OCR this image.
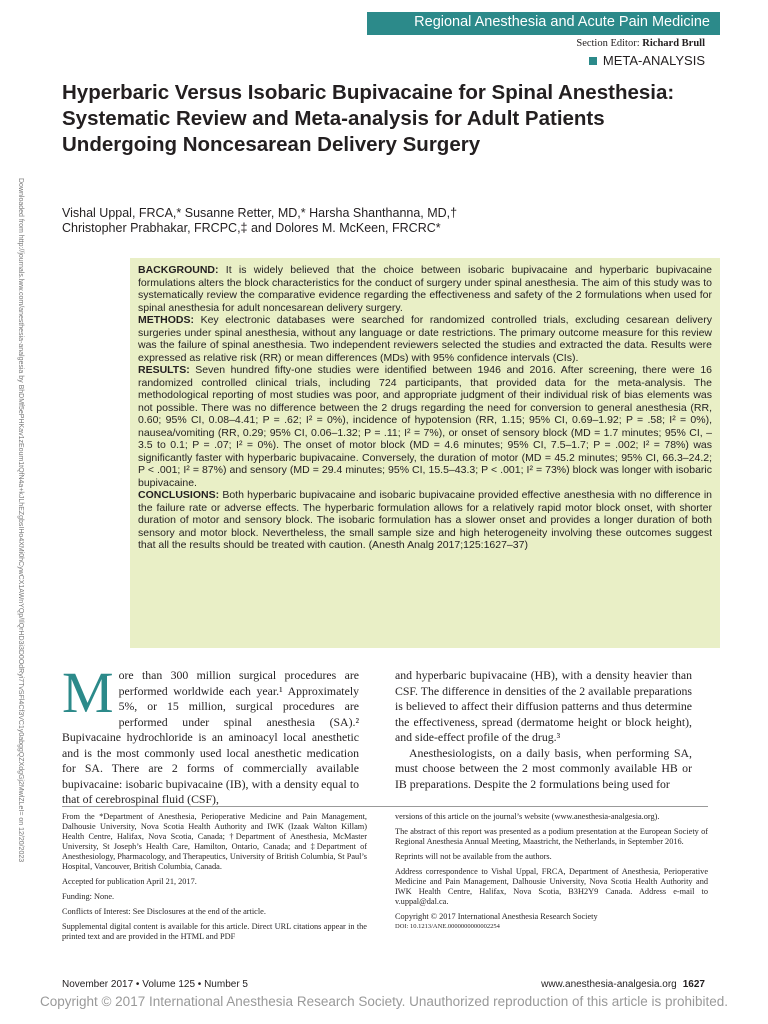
Regional Anesthesia and Acute Pain Medicine
Section Editor: Richard Brull
META-ANALYSIS
Hyperbaric Versus Isobaric Bupivacaine for Spinal Anesthesia: Systematic Review and Meta-analysis for Adult Patients Undergoing Noncesarean Delivery Surgery
Vishal Uppal, FRCA,* Susanne Retter, MD,* Harsha Shanthanna, MD,†
Christopher Prabhakar, FRCPC,‡ and Dolores M. McKeen, FRCRC*
Downloaded from http://journals.lww.com/anesthesia-analgesia by BhDMf5ePHKav1zEoum1tQfN4a+kJLhEZgbsIHo4XMi0hCywCX1AWnYQp/IlQrHD3i3D0OdRyi7TvSFl4Cf3VC1y0abggQZXdgGj2MwlZLeI= on 12/20/2023	BACKGROUND: It is widely believed that the choice between isobaric bupivacaine and hyperbaric bupivacaine formulations alters the block characteristics for the conduct of surgery under spinal anesthesia. The aim of this study was to systematically review the comparative evidence regarding the effectiveness and safety of the 2 formulations when used for spinal anesthesia for adult noncesarean delivery surgery.

METHODS: Key electronic databases were searched for randomized controlled trials, excluding cesarean delivery surgeries under spinal anesthesia, without any language or date restrictions. The primary outcome measure for this review was the failure of spinal anesthesia. Two independent reviewers selected the studies and extracted the data. Results were expressed as relative risk (RR) or mean differences (MDs) with 95% confidence intervals (CIs).

RESULTS: Seven hundred fifty-one studies were identified between 1946 and 2016. After screening, there were 16 randomized controlled clinical trials, including 724 participants, that provided data for the meta-analysis. The methodological reporting of most studies was poor, and appropriate judgment of their individual risk of bias elements was not possible. There was no difference between the 2 drugs regarding the need for conversion to general anesthesia (RR, 0.60; 95% CI, 0.08–4.41; P = .62; I² = 0%), incidence of hypotension (RR, 1.15; 95% CI, 0.69–1.92; P = .58; I² = 0%), nausea/vomiting (RR, 0.29; 95% CI, 0.06–1.32; P = .11; I² = 7%), or onset of sensory block (MD = 1.7 minutes; 95% CI, –3.5 to 0.1; P = .07; I² = 0%). The onset of motor block (MD = 4.6 minutes; 95% CI, 7.5–1.7; P = .002; I² = 78%) was significantly faster with hyperbaric bupivacaine. Conversely, the duration of motor (MD = 45.2 minutes; 95% CI, 66.3–24.2; P < .001; I² = 87%) and sensory (MD = 29.4 minutes; 95% CI, 15.5–43.3; P < .001; I² = 73%) block was longer with isobaric bupivacaine.

CONCLUSIONS: Both hyperbaric bupivacaine and isobaric bupivacaine provided effective anesthesia with no difference in the failure rate or adverse effects. The hyperbaric formulation allows for a relatively rapid motor block onset, with shorter duration of motor and sensory block. The isobaric formulation has a slower onset and provides a longer duration of both sensory and motor block. Nevertheless, the small sample size and high heterogeneity involving these outcomes suggest that all the results should be treated with caution. (Anesth Analg 2017;125:1627–37)

More than 300 million surgical procedures are performed worldwide each year.¹ Approximately 5%, or 15 million, surgical procedures are performed under spinal anesthesia (SA).² Bupivacaine hydrochloride is an aminoacyl local anesthetic and is the most commonly used local anesthetic medication for SA. There are 2 forms of commercially available bupivacaine: isobaric bupivacaine (IB), with a density equal to that of cerebrospinal fluid (CSF),

and hyperbaric bupivacaine (HB), with a density heavier than CSF. The difference in densities of the 2 available preparations is believed to affect their diffusion patterns and thus determine the effectiveness, spread (dermatome height or block height), and side-effect profile of the drug.³

Anesthesiologists, on a daily basis, when performing SA, must choose between the 2 most commonly available HB or IB preparations. Despite the 2 formulations being used for

From the *Department of Anesthesia, Perioperative Medicine and Pain Management, Dalhousie University, Nova Scotia Health Authority and IWK (Izaak Walton Killam) Health Centre, Halifax, Nova Scotia, Canada; †Department of Anesthesia, McMaster University, St Joseph’s Health Care, Hamilton, Ontario, Canada; and ‡Department of Anesthesiology, Pharmacology, and Therapeutics, University of British Columbia, St Paul’s Hospital, Vancouver, British Columbia, Canada.

Accepted for publication April 21, 2017.

Funding: None.

Conflicts of Interest: See Disclosures at the end of the article.

Supplemental digital content is available for this article. Direct URL citations appear in the printed text and are provided in the HTML and PDF

versions of this article on the journal’s website (www.anesthesia-analgesia.org).

The abstract of this report was presented as a podium presentation at the European Society of Regional Anesthesia Annual Meeting, Maastricht, the Netherlands, in September 2016.

Reprints will not be available from the authors.

Address correspondence to Vishal Uppal, FRCA, Department of Anesthesia, Perioperative Medicine and Pain Management, Dalhousie University, Nova Scotia Health Authority and IWK Health Centre, Halifax, Nova Scotia, B3H2Y9 Canada. Address e-mail to v.uppal@dal.ca.

Copyright © 2017 International Anesthesia Research Society
DOI: 10.1213/ANE.0000000000002254
November 2017 • Volume 125 • Number 5	www.anesthesia-analgesia.org 1627
Copyright © 2017 International Anesthesia Research Society. Unauthorized reproduction of this article is prohibited.
